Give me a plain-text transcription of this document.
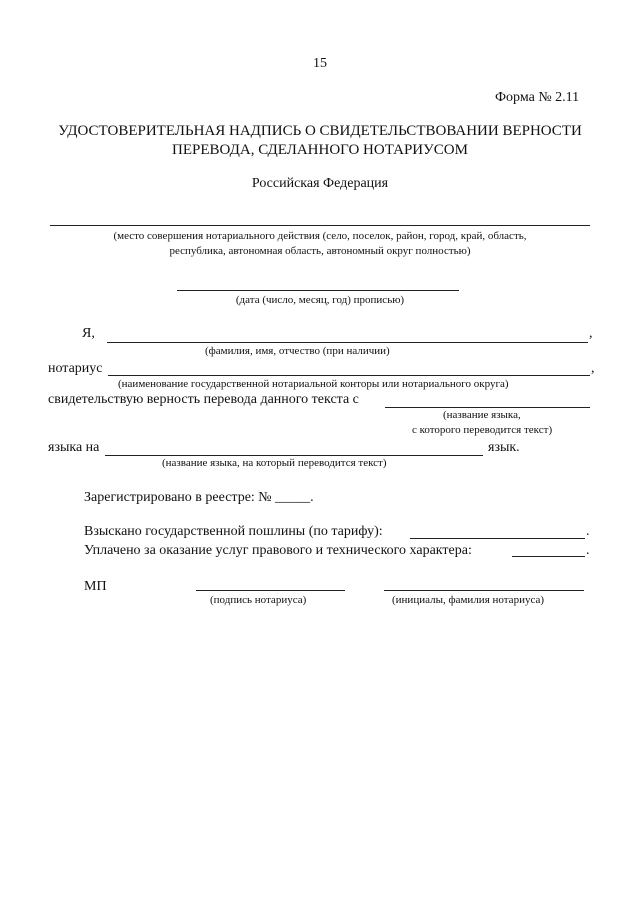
15
Форма № 2.11
УДОСТОВЕРИТЕЛЬНАЯ НАДПИСЬ О СВИДЕТЕЛЬСТВОВАНИИ ВЕРНОСТИ
ПЕРЕВОДА, СДЕЛАННОГО НОТАРИУСОМ
Российская Федерация
(место совершения нотариального действия (село, поселок, район, город, край, область,
республика, автономная область, автономный округ полностью)
(дата (число, месяц, год) прописью)
Я,	,
(фамилия, имя, отчество (при наличии)
нотариус	,
(наименование государственной нотариальной конторы или нотариального округа)
свидетельствую верность перевода данного текста с
(название языка,
с которого переводится текст)
языка на	язык.
(название языка, на который переводится текст)
Зарегистрировано в реестре: № _____.
Взыскано государственной пошлины (по тарифу):	.
Уплачено за оказание услуг правового и технического характера:	.
МП
(подпись нотариуса)	(инициалы, фамилия нотариуса)
